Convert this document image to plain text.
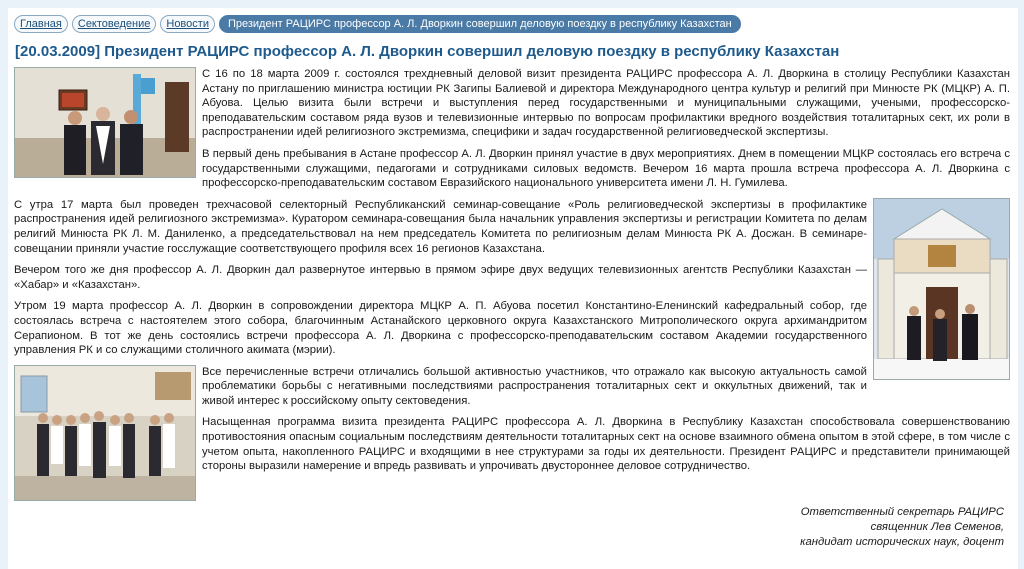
Главная	Сектоведение	Новости	Президент РАЦИРС профессор А. Л. Дворкин совершил деловую поездку в республику Казахстан
[20.03.2009] Президент РАЦИРС профессор А. Л. Дворкин совершил деловую поездку в республику Казахстан

С 16 по 18 марта 2009 г. состоялся трехдневный деловой визит президента РАЦИРС профессора А. Л. Дворкина в столицу Республики Казахстан Астану по приглашению министра юстиции РК Загипы Балиевой и директора Международного центра культур и религий при Минюсте РК (МЦКР) А. П. Абуова. Целью визита были встречи и выступления перед государственными и муниципальными служащими, учеными, профессорско-преподавательским составом ряда вузов и телевизионные интервью по вопросам профилактики вредного воздействия тоталитарных сект, их роли в распространении идей религиозного экстремизма, специфики и задач государственной религиоведческой экспертизы.

В первый день пребывания в Астане профессор А. Л. Дворкин принял участие в двух мероприятиях. Днем в помещении МЦКР состоялась его встреча с государственными служащими, педагогами и сотрудниками силовых ведомств. Вечером 16 марта прошла встреча профессора А. Л. Дворкина с профессорско-преподавательским составом Евразийского национального университета имени Л. Н. Гумилева.

С утра 17 марта был проведен трехчасовой селекторный Республиканский семинар-совещание «Роль религиоведческой экспертизы в профилактике распространения идей религиозного экстремизма». Куратором семинара-совещания была начальник управления экспертизы и регистрации Комитета по делам религий Минюста РК Л. М. Даниленко, а председательствовал на нем председатель Комитета по религиозным делам Минюста РК А. Досжан. В семинаре-совещании приняли участие госслужащие соответствующего профиля всех 16 регионов Казахстана.

Вечером того же дня профессор А. Л. Дворкин дал развернутое интервью в прямом эфире двух ведущих телевизионных агентств Республики Казахстан — «Хабар» и «Казахстан».

Утром 19 марта профессор А. Л. Дворкин в сопровождении директора МЦКР А. П. Абуова посетил Константино-Еленинский кафедральный собор, где состоялась встреча с настоятелем этого собора, благочинным Астанайского церковного округа Казахстанского Митрополического округа архимандритом Серапионом. В тот же день состоялись встречи профессора А. Л. Дворкина с профессорско-преподавательским составом Академии государственного управления РК и со служащими столичного акимата (мэрии).

Все перечисленные встречи отличались большой активностью участников, что отражало как высокую актуальность самой проблематики борьбы с негативными последствиями распространения тоталитарных сект и оккультных движений, так и живой интерес к российскому опыту сектоведения.

Насыщенная программа визита президента РАЦИРС профессора А. Л. Дворкина в Республику Казахстан способствовала совершенствованию противостояния опасным социальным последствиям деятельности тоталитарных сект на основе взаимного обмена опытом в этой сфере, в том числе с учетом опыта, накопленного РАЦИРС и входящими в нее структурами за годы их деятельности. Президент РАЦИРС и представители принимающей стороны выразили намерение и впредь развивать и упрочивать двустороннее деловое сотрудничество.

Ответственный секретарь РАЦИРС
священник Лев Семенов,
кандидат исторических наук, доцент
